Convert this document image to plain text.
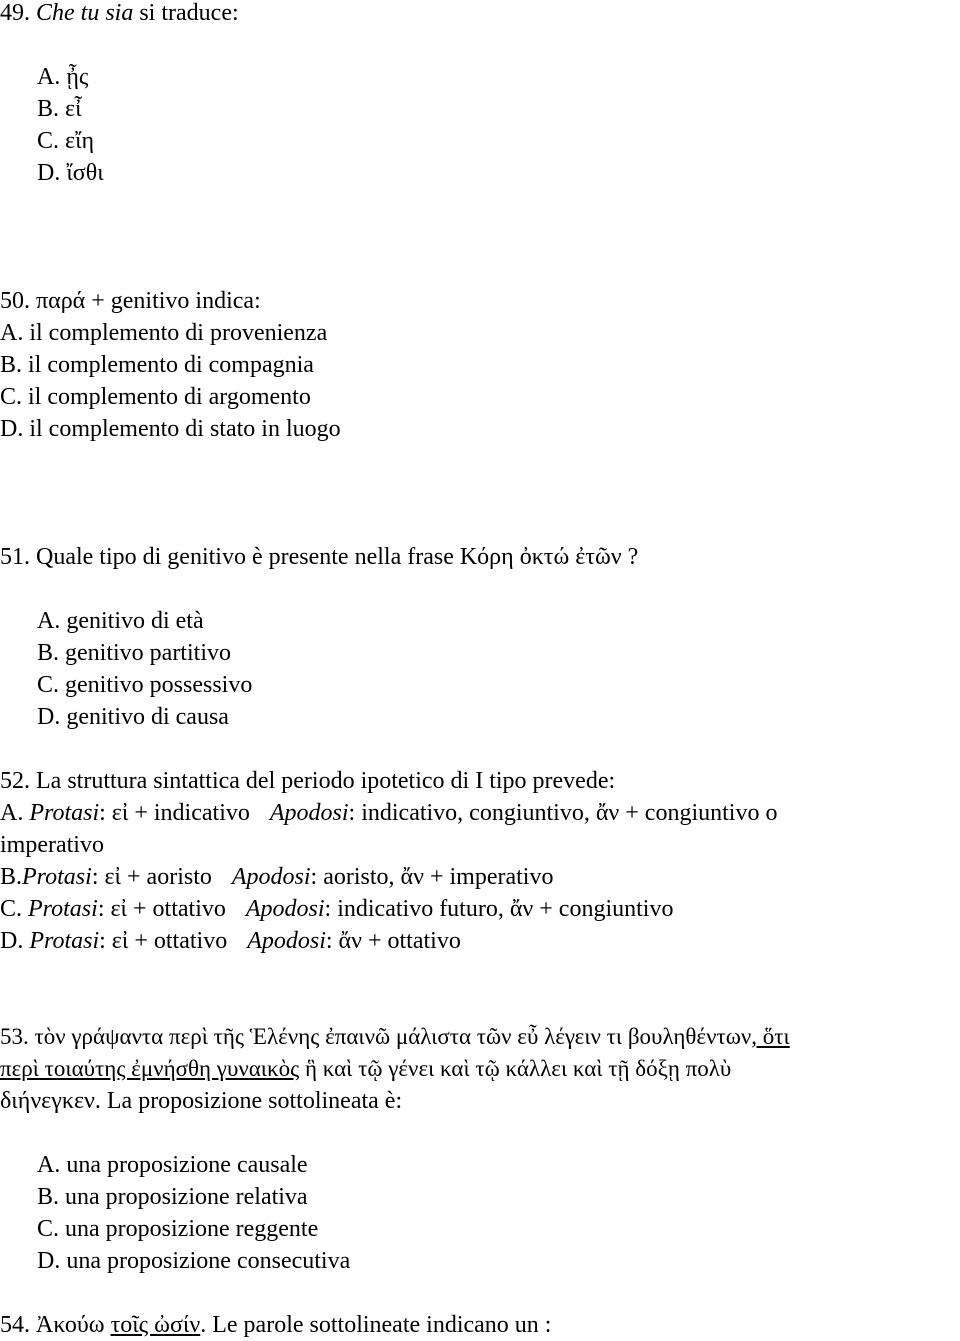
49. Che tu sia si traduce:
A. ᾖς
B. εἶ
C. εἴη
D. ἴσθι
50. παρά + genitivo indica:
A. il complemento di provenienza
B. il complemento di compagnia
C. il complemento di argomento
D. il complemento di stato in luogo
51. Quale tipo di genitivo è presente nella frase Κόρη ὀκτώ ἐτῶν ?
A. genitivo di età
B. genitivo partitivo
C. genitivo possessivo
D. genitivo di causa
52. La struttura sintattica del periodo ipotetico di I tipo prevede:
A. Protasi: εἰ + indicativo Apodosi: indicativo, congiuntivo, ἄν + congiuntivo o
imperativo
B.Protasi: εἰ + aoristo Apodosi: aoristo, ἄν + imperativo
C. Protasi: εἰ + ottativo Apodosi: indicativo futuro, ἄν + congiuntivo
D. Protasi: εἰ + ottativo Apodosi: ἄν + ottativo
53. τὸν γράψαντα περὶ τῆς Ἑλένης ἐπαινῶ μάλιστα τῶν εὖ λέγειν τι βουληθέντων, ὅτι
περὶ τοιαύτης ἐμνήσθη γυναικὸς ἣ καὶ τῷ γένει καὶ τῷ κάλλει καὶ τῇ δόξῃ πολὺ
διήνεγκεν. La proposizione sottolineata è:
A. una proposizione causale
B. una proposizione relativa
C. una proposizione reggente
D. una proposizione consecutiva
54. Ἀκούω τοῖς ὠσίν. Le parole sottolineate indicano un :
